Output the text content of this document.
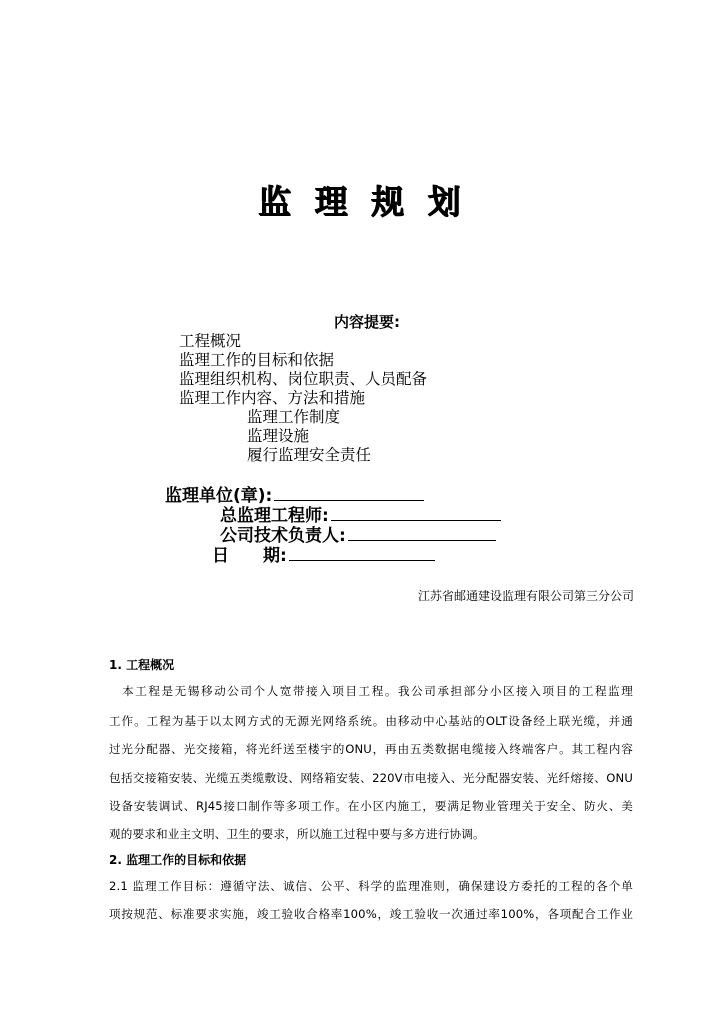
监 理 规 划
内容提要:
工程概况
监理工作的目标和依据
监理组织机构、岗位职责、人员配备
监理工作内容、方法和措施
监理工作制度
监理设施
履行监理安全责任
监理单位(章):
总监理工程师:
公司技术负责人:
日　　期:
江苏省邮通建设监理有限公司第三分公司
1. 工程概况
　本工程是无锡移动公司个人宽带接入项目工程。我公司承担部分小区接入项目的工程监理
工作。工程为基于以太网方式的无源光网络系统。由移动中心基站的OLT设备经上联光缆，并通
过光分配器、光交接箱，将光纤送至楼宇的ONU，再由五类数据电缆接入终端客户。其工程内容
包括交接箱安装、光缆五类缆敷设、网络箱安装、220V市电接入、光分配器安装、光纤熔接、ONU
设备安装调试、RJ45接口制作等多项工作。在小区内施工，要满足物业管理关于安全、防火、美
观的要求和业主文明、卫生的要求，所以施工过程中要与多方进行协调。
2. 监理工作的目标和依据
2.1 监理工作目标：遵循守法、诚信、公平、科学的监理准则，确保建设方委托的工程的各个单
项按规范、标准要求实施，竣工验收合格率100%，竣工验收一次通过率100%，各项配合工作业
